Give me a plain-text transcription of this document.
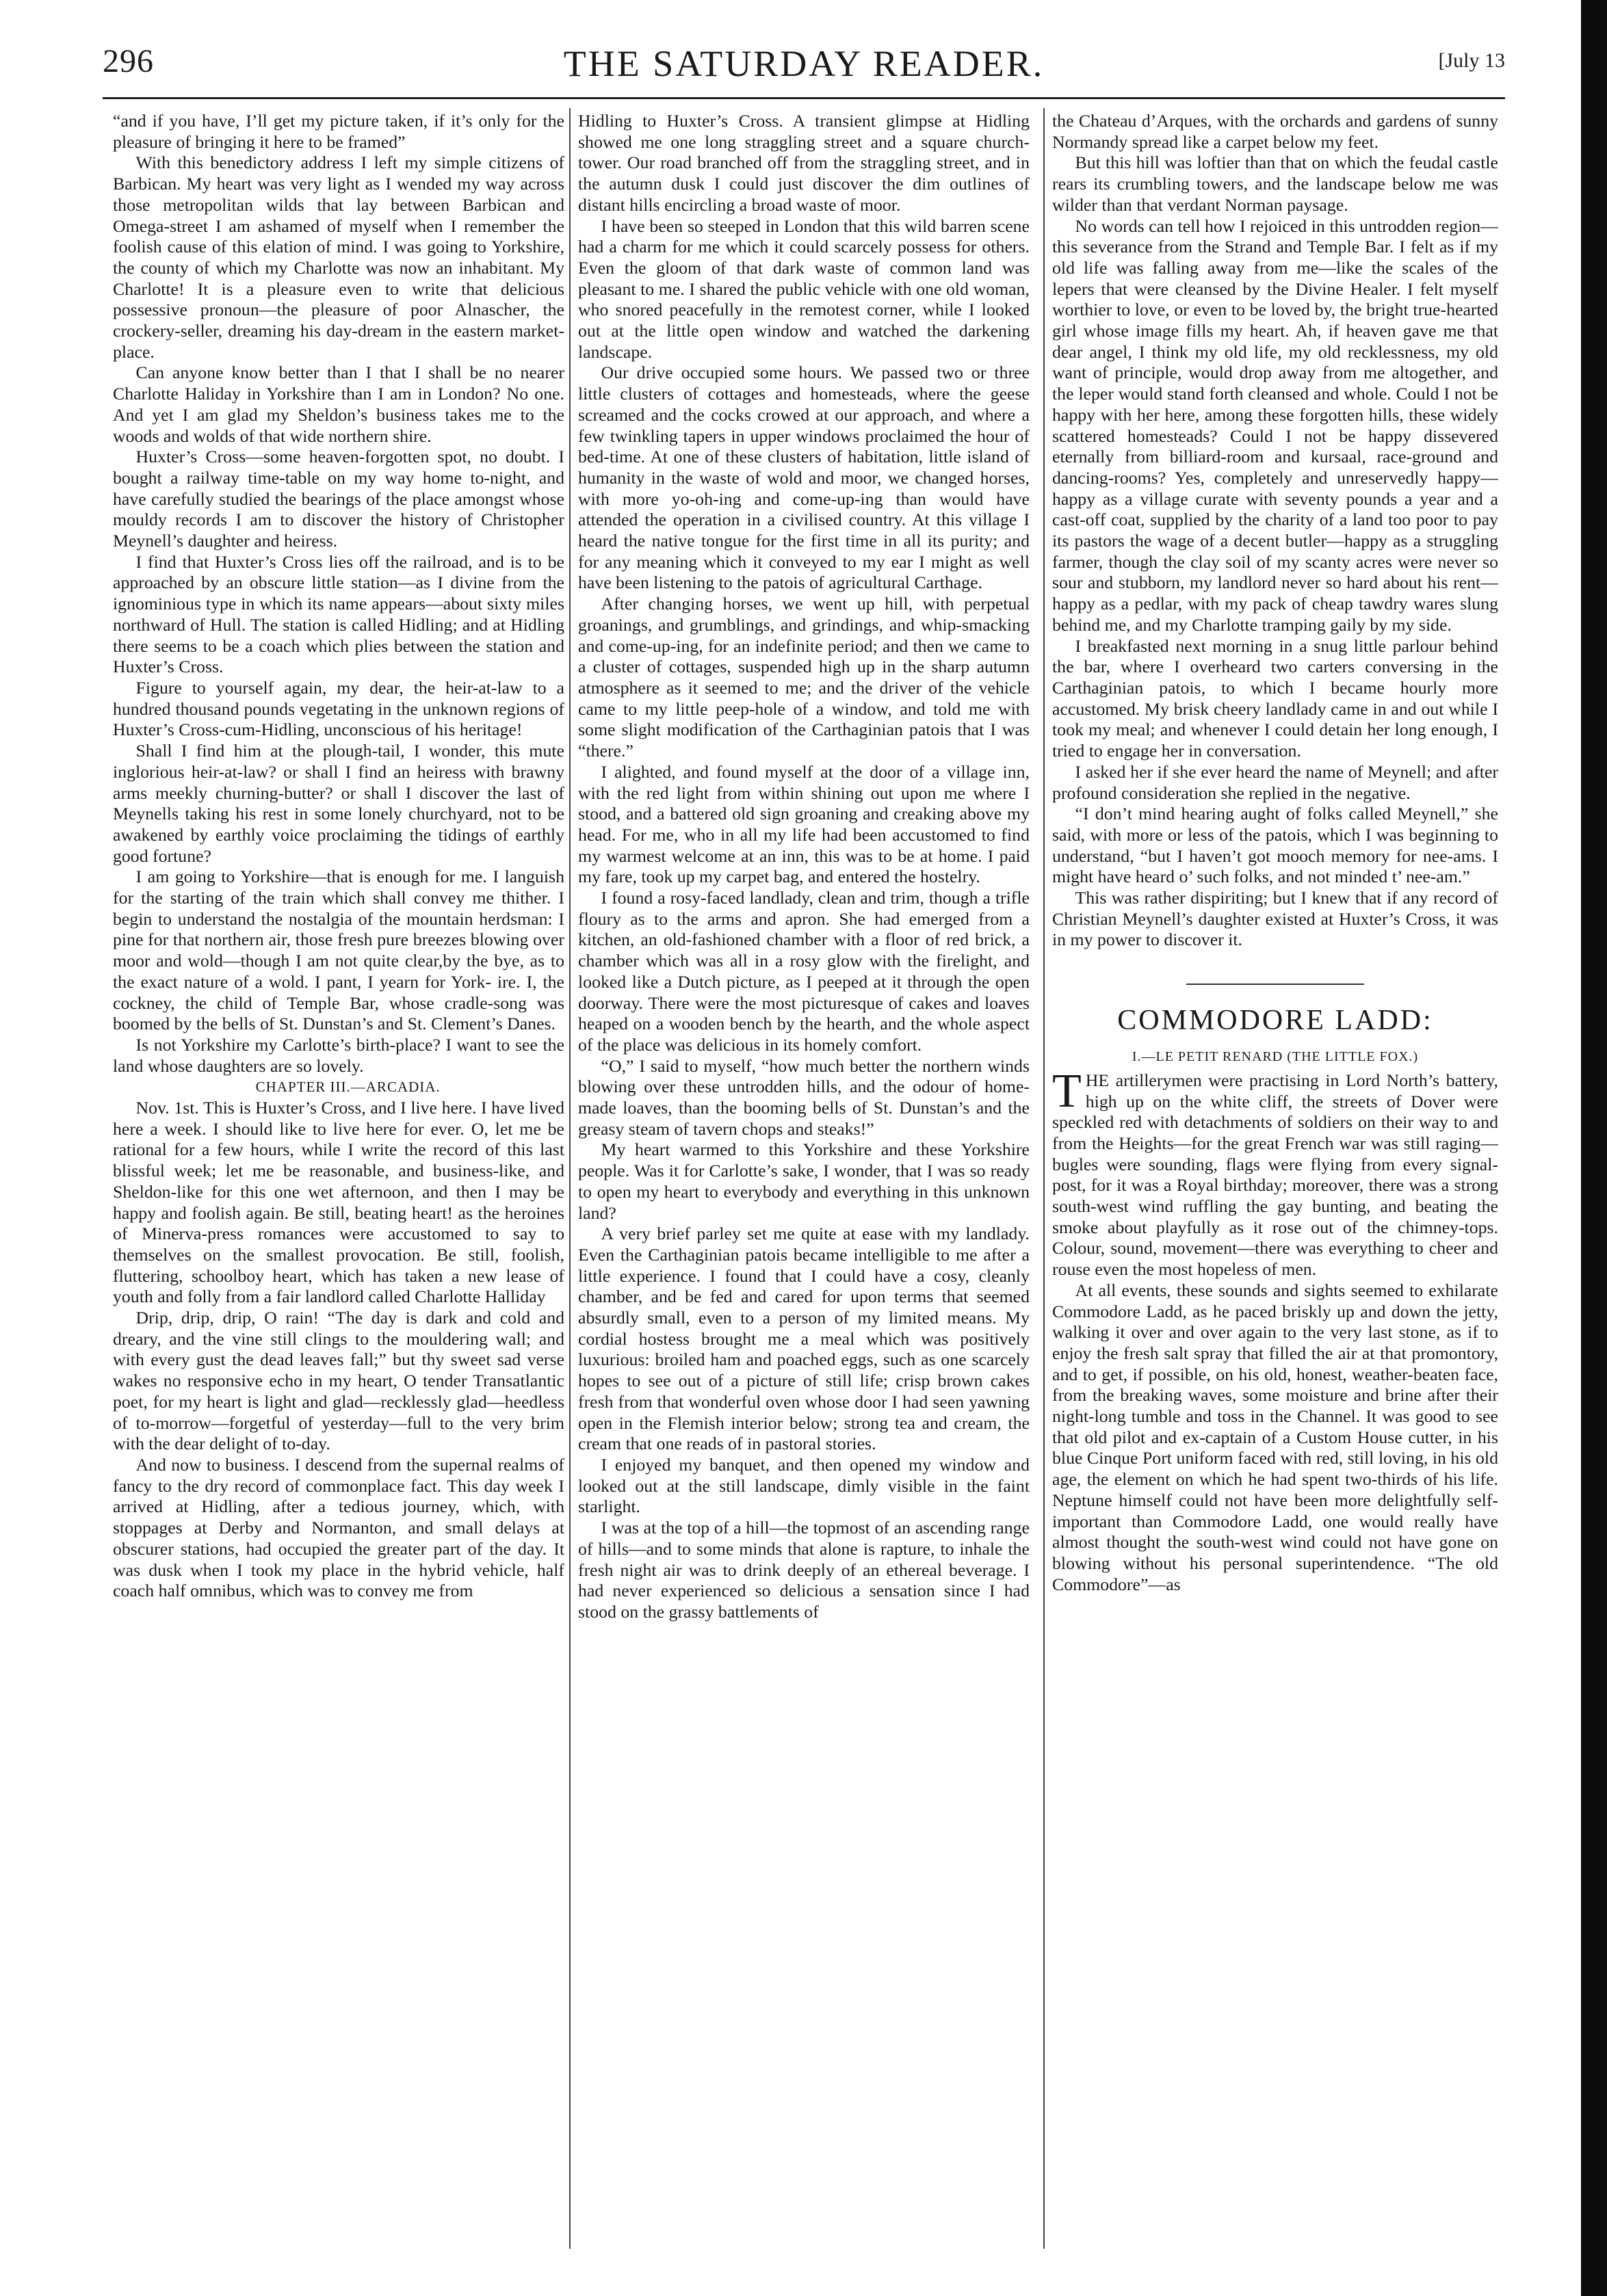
296	THE SATURDAY READER.	[July 13

“and if you have, I’ll get my picture taken, if it’s only for the pleasure of bringing it here to be framed”

With this benedictory address I left my simple citizens of Barbican. My heart was very light as I wended my way across those metropolitan wilds that lay between Barbican and Omega-street I am ashamed of myself when I remember the foolish cause of this elation of mind. I was going to Yorkshire, the county of which my Charlotte was now an inhabitant. My Charlotte! It is a pleasure even to write that delicious possessive pronoun—the pleasure of poor Alnascher, the crockery-seller, dreaming his day-dream in the eastern market-place.

Can anyone know better than I that I shall be no nearer Charlotte Haliday in Yorkshire than I am in London? No one. And yet I am glad my Sheldon’s business takes me to the woods and wolds of that wide northern shire.

Huxter’s Cross—some heaven-forgotten spot, no doubt. I bought a railway time-table on my way home to-night, and have carefully studied the bearings of the place amongst whose mouldy records I am to discover the history of Christopher Meynell’s daughter and heiress.

I find that Huxter’s Cross lies off the railroad, and is to be approached by an obscure little station—as I divine from the ignominious type in which its name appears—about sixty miles northward of Hull. The station is called Hidling; and at Hidling there seems to be a coach which plies between the station and Huxter’s Cross.

Figure to yourself again, my dear, the heir-at-law to a hundred thousand pounds vegetating in the unknown regions of Huxter’s Cross-cum-Hidling, unconscious of his heritage!

Shall I find him at the plough-tail, I wonder, this mute inglorious heir-at-law? or shall I find an heiress with brawny arms meekly churning-butter? or shall I discover the last of Meynells taking his rest in some lonely churchyard, not to be awakened by earthly voice proclaiming the tidings of earthly good fortune?

I am going to Yorkshire—that is enough for me. I languish for the starting of the train which shall convey me thither. I begin to understand the nostalgia of the mountain herdsman: I pine for that northern air, those fresh pure breezes blowing over moor and wold—though I am not quite clear,by the bye, as to the exact nature of a wold. I pant, I yearn for York- ire. I, the cockney, the child of Temple Bar, whose cradle-song was boomed by the bells of St. Dunstan’s and St. Clement’s Danes.

Is not Yorkshire my Carlotte’s birth-place? I want to see the land whose daughters are so lovely.

CHAPTER III.—ARCADIA.

Nov. 1st. This is Huxter’s Cross, and I live here. I have lived here a week. I should like to live here for ever. O, let me be rational for a few hours, while I write the record of this last blissful week; let me be reasonable, and business-like, and Sheldon-like for this one wet afternoon, and then I may be happy and foolish again. Be still, beating heart! as the heroines of Minerva-press romances were accustomed to say to themselves on the smallest provocation. Be still, foolish, fluttering, schoolboy heart, which has taken a new lease of youth and folly from a fair landlord called Charlotte Halliday

Drip, drip, drip, O rain! “The day is dark and cold and dreary, and the vine still clings to the mouldering wall; and with every gust the dead leaves fall;” but thy sweet sad verse wakes no responsive echo in my heart, O tender Transatlantic poet, for my heart is light and glad—recklessly glad—heedless of to-morrow—forgetful of yesterday—full to the very brim with the dear delight of to-day.

And now to business. I descend from the supernal realms of fancy to the dry record of commonplace fact. This day week I arrived at Hidling, after a tedious journey, which, with stoppages at Derby and Normanton, and small delays at obscurer stations, had occupied the greater part of the day. It was dusk when I took my place in the hybrid vehicle, half coach half omnibus, which was to convey me from

Hidling to Huxter’s Cross. A transient glimpse at Hidling showed me one long straggling street and a square church-tower. Our road branched off from the straggling street, and in the autumn dusk I could just discover the dim outlines of distant hills encircling a broad waste of moor.

I have been so steeped in London that this wild barren scene had a charm for me which it could scarcely possess for others. Even the gloom of that dark waste of common land was pleasant to me. I shared the public vehicle with one old woman, who snored peacefully in the remotest corner, while I looked out at the little open window and watched the darkening landscape.

Our drive occupied some hours. We passed two or three little clusters of cottages and homesteads, where the geese screamed and the cocks crowed at our approach, and where a few twinkling tapers in upper windows proclaimed the hour of bed-time. At one of these clusters of habitation, little island of humanity in the waste of wold and moor, we changed horses, with more yo-oh-ing and come-up-ing than would have attended the operation in a civilised country. At this village I heard the native tongue for the first time in all its purity; and for any meaning which it conveyed to my ear I might as well have been listening to the patois of agricultural Carthage.

After changing horses, we went up hill, with perpetual groanings, and grumblings, and grindings, and whip-smacking and come-up-ing, for an indefinite period; and then we came to a cluster of cottages, suspended high up in the sharp autumn atmosphere as it seemed to me; and the driver of the vehicle came to my little peep-hole of a window, and told me with some slight modification of the Carthaginian patois that I was “there.”

I alighted, and found myself at the door of a village inn, with the red light from within shining out upon me where I stood, and a battered old sign groaning and creaking above my head. For me, who in all my life had been accustomed to find my warmest welcome at an inn, this was to be at home. I paid my fare, took up my carpet bag, and entered the hostelry.

I found a rosy-faced landlady, clean and trim, though a trifle floury as to the arms and apron. She had emerged from a kitchen, an old-fashioned chamber with a floor of red brick, a chamber which was all in a rosy glow with the firelight, and looked like a Dutch picture, as I peeped at it through the open doorway. There were the most picturesque of cakes and loaves heaped on a wooden bench by the hearth, and the whole aspect of the place was delicious in its homely comfort.

“O,” I said to myself, “how much better the northern winds blowing over these untrodden hills, and the odour of home-made loaves, than the booming bells of St. Dunstan’s and the greasy steam of tavern chops and steaks!”

My heart warmed to this Yorkshire and these Yorkshire people. Was it for Carlotte’s sake, I wonder, that I was so ready to open my heart to everybody and everything in this unknown land?

A very brief parley set me quite at ease with my landlady. Even the Carthaginian patois became intelligible to me after a little experience. I found that I could have a cosy, cleanly chamber, and be fed and cared for upon terms that seemed absurdly small, even to a person of my limited means. My cordial hostess brought me a meal which was positively luxurious: broiled ham and poached eggs, such as one scarcely hopes to see out of a picture of still life; crisp brown cakes fresh from that wonderful oven whose door I had seen yawning open in the Flemish interior below; strong tea and cream, the cream that one reads of in pastoral stories.

I enjoyed my banquet, and then opened my window and looked out at the still landscape, dimly visible in the faint starlight.

I was at the top of a hill—the topmost of an ascending range of hills—and to some minds that alone is rapture, to inhale the fresh night air was to drink deeply of an ethereal beverage. I had never experienced so delicious a sensation since I had stood on the grassy battlements of

the Chateau d’Arques, with the orchards and gardens of sunny Normandy spread like a carpet below my feet.

But this hill was loftier than that on which the feudal castle rears its crumbling towers, and the landscape below me was wilder than that verdant Norman paysage.

No words can tell how I rejoiced in this untrodden region—this severance from the Strand and Temple Bar. I felt as if my old life was falling away from me—like the scales of the lepers that were cleansed by the Divine Healer. I felt myself worthier to love, or even to be loved by, the bright true-hearted girl whose image fills my heart. Ah, if heaven gave me that dear angel, I think my old life, my old recklessness, my old want of principle, would drop away from me altogether, and the leper would stand forth cleansed and whole. Could I not be happy with her here, among these forgotten hills, these widely scattered homesteads? Could I not be happy dissevered eternally from billiard-room and kursaal, race-ground and dancing-rooms? Yes, completely and unreservedly happy—happy as a village curate with seventy pounds a year and a cast-off coat, supplied by the charity of a land too poor to pay its pastors the wage of a decent butler—happy as a struggling farmer, though the clay soil of my scanty acres were never so sour and stubborn, my landlord never so hard about his rent—happy as a pedlar, with my pack of cheap tawdry wares slung behind me, and my Charlotte tramping gaily by my side.

I breakfasted next morning in a snug little parlour behind the bar, where I overheard two carters conversing in the Carthaginian patois, to which I became hourly more accustomed. My brisk cheery landlady came in and out while I took my meal; and whenever I could detain her long enough, I tried to engage her in conversation.

I asked her if she ever heard the name of Meynell; and after profound consideration she replied in the negative.

“I don’t mind hearing aught of folks called Meynell,” she said, with more or less of the patois, which I was beginning to understand, “but I haven’t got mooch memory for nee-ams. I might have heard o’ such folks, and not minded t’ nee-am.”

This was rather dispiriting; but I knew that if any record of Christian Meynell’s daughter existed at Huxter’s Cross, it was in my power to discover it.

COMMODORE LADD:
I.—LE PETIT RENARD (THE LITTLE FOX.)

THE artillerymen were practising in Lord North’s battery, high up on the white cliff, the streets of Dover were speckled red with detachments of soldiers on their way to and from the Heights—for the great French war was still raging—bugles were sounding, flags were flying from every signal-post, for it was a Royal birthday; moreover, there was a strong south-west wind ruffling the gay bunting, and beating the smoke about playfully as it rose out of the chimney-tops. Colour, sound, movement—there was everything to cheer and rouse even the most hopeless of men.

At all events, these sounds and sights seemed to exhilarate Commodore Ladd, as he paced briskly up and down the jetty, walking it over and over again to the very last stone, as if to enjoy the fresh salt spray that filled the air at that promontory, and to get, if possible, on his old, honest, weather-beaten face, from the breaking waves, some moisture and brine after their night-long tumble and toss in the Channel. It was good to see that old pilot and ex-captain of a Custom House cutter, in his blue Cinque Port uniform faced with red, still loving, in his old age, the element on which he had spent two-thirds of his life. Neptune himself could not have been more delightfully self-important than Commodore Ladd, one would really have almost thought the south-west wind could not have gone on blowing without his personal superintendence. “The old Commodore”—as
